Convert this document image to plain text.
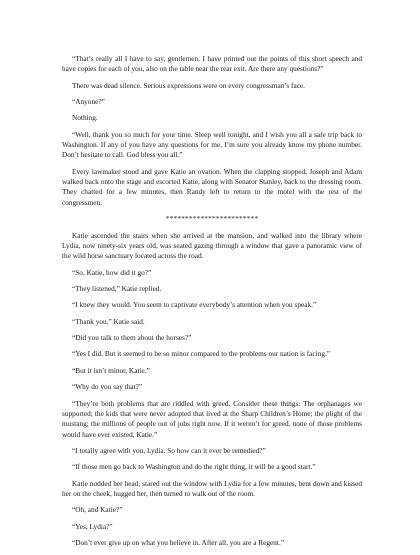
“That’s really all I have to say, gentlemen. I have printed out the points of this short speech and have copies for each of you, also on the table near the rear exit. Are there any questions?”

There was dead silence. Serious expressions were on every congressman’s face.

“Anyone?”

Nothing.

“Well, thank you so much for your time. Sleep well tonight, and I wish you all a safe trip back to Washington. If any of you have any questions for me, I’m sure you already know my phone number. Don’t hesitate to call. God bless you all.”

Every lawmaker stood and gave Katie an ovation. When the clapping stopped, Joseph and Adam walked back onto the stage and escorted Katie, along with Senator Stanley, back to the dressing room. They chatted for a few minutes, then Randy left to return to the motel with the rest of the congressmen.

************************

Katie ascended the stairs when she arrived at the mansion, and walked into the library where Lydia, now ninety-six years old, was seated gazing through a window that gave a panoramic view of the wild horse sanctuary located across the road.

“So, Katie, how did it go?”

“They listened,” Katie replied.

“I knew they would. You seem to captivate everybody’s attention when you speak.”

“Thank you,” Katie said.

“Did you talk to them about the horses?”

“Yes I did. But it seemed to be so minor compared to the problems our nation is facing.”

“But it isn’t minor, Katie.”

“Why do you say that?”

“They’re both problems that are riddled with greed. Consider these things: The orphanages we supported; the kids that were never adopted that lived at the Sharp Children’s Home; the plight of the mustang; the millions of people out of jobs right now. If it weren’t for greed, none of those problems would have ever existed, Katie.”

“I totally agree with you, Lydia. So how can it ever be remedied?”

“If those men go back to Washington and do the right thing, it will be a good start.”

Katie nodded her head, stared out the window with Lydia for a few minutes, bent down and kissed her on the cheek, hugged her, then turned to walk out of the room.

“Oh, and Katie?”

“Yes, Lydia?”

“Don’t ever give up on what you believe in. After all, you are a Regent.”
